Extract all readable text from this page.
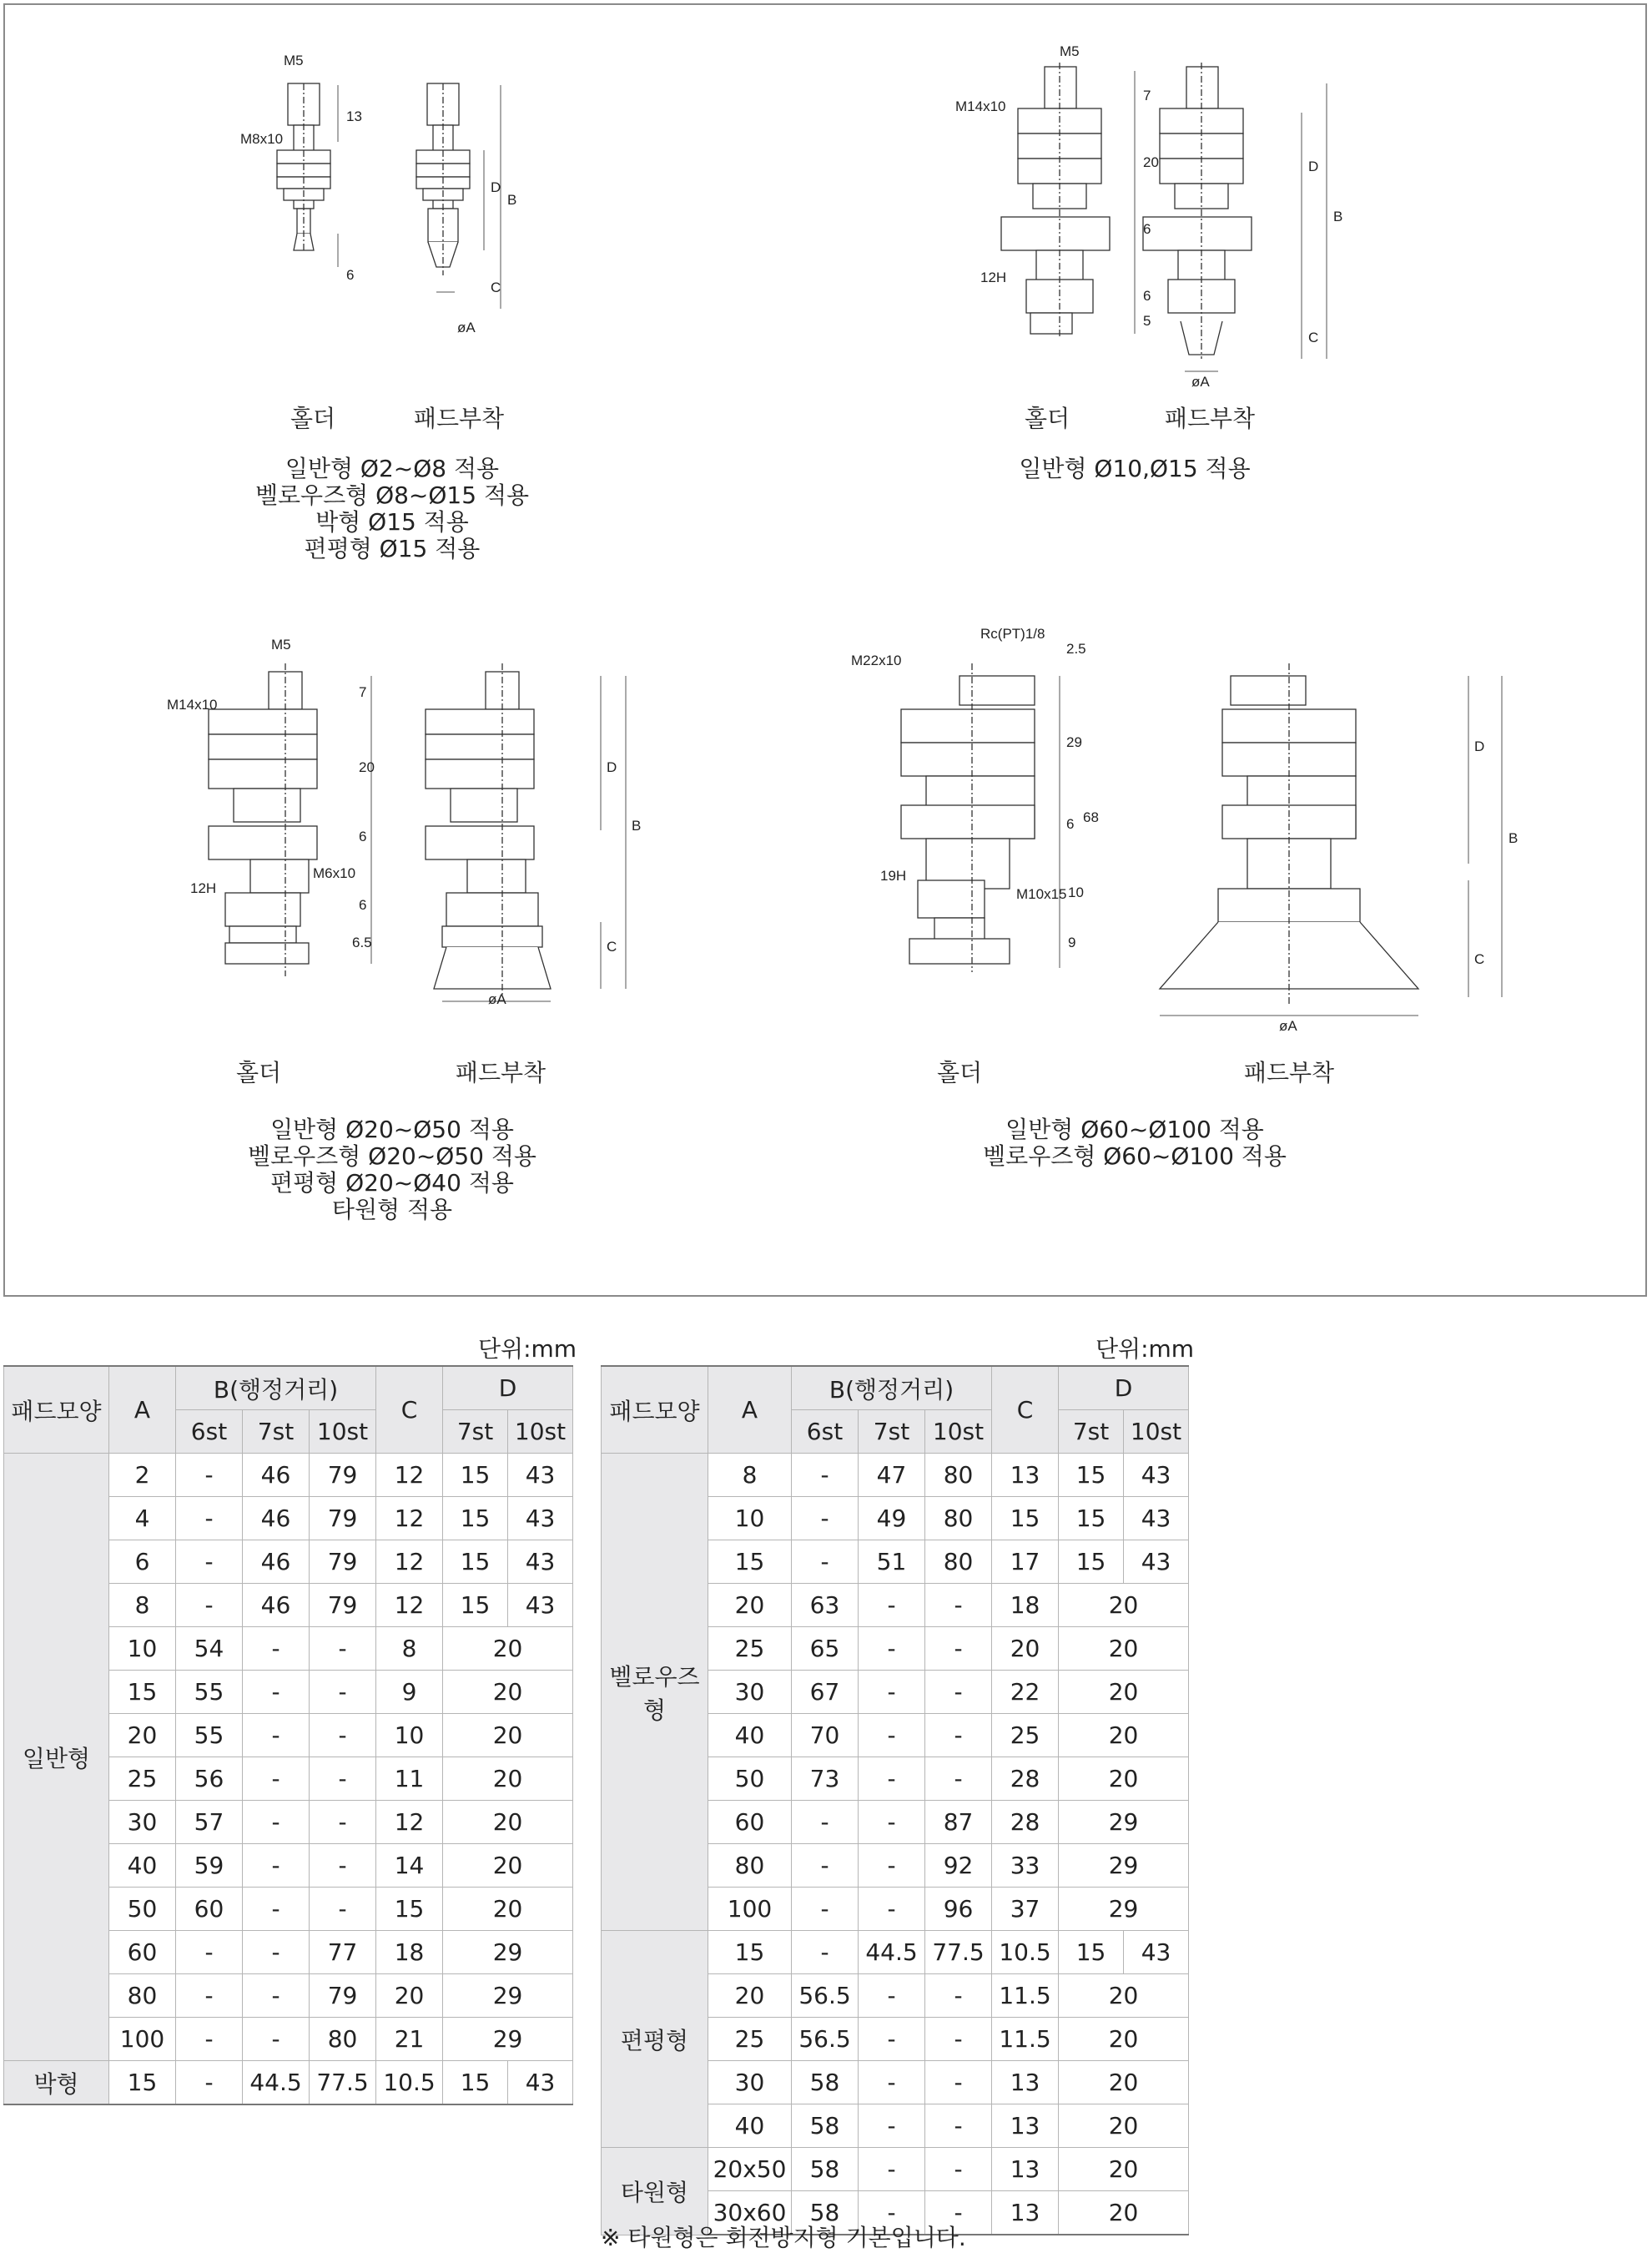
M5
M8x10
13
6
D
B
C
øA
홀더	패드부착
일반형 Ø2~Ø8 적용
벨로우즈형 Ø8~Ø15 적용
박형 Ø15 적용
편평형 Ø15 적용
M5
M14x10
12H
7
20
6
6
5
D
B
C
øA
홀더	패드부착
일반형 Ø10,Ø15 적용
M5
M14x10
12H
M6x10
7
20
6
6
6.5
D
B
C
øA
홀더	패드부착
일반형 Ø20~Ø50 적용
벨로우즈형 Ø20~Ø50 적용
편평형 Ø20~Ø40 적용
타원형 적용
Rc(PT)1/8
M22x10
19H
M10x15
2.5
29
6 68
10
9
D
B
C
øA
홀더	패드부착
일반형 Ø60~Ø100 적용
벨로우즈형 Ø60~Ø100 적용
단위:mm	단위:mm
패드모양	A	B(행정거리)			C	D	
		6st	7st	10st		7st	10st
일반형	2	-	46	79	12	15	43
	4	-	46	79	12	15	43
	6	-	46	79	12	15	43
	8	-	46	79	12	15	43
	10	54	-	-	8	20	
	15	55	-	-	9	20	
	20	55	-	-	10	20	
	25	56	-	-	11	20	
	30	57	-	-	12	20	
	40	59	-	-	14	20	
	50	60	-	-	15	20	
	60	-	-	77	18	29	
	80	-	-	79	20	29	
	100	-	-	80	21	29	
박형	15	-	44.5	77.5	10.5	15	43
패드모양	A	B(행정거리)			C	D	
		6st	7st	10st		7st	10st
벨로우즈형	8	-	47	80	13	15	43
	10	-	49	80	15	15	43
	15	-	51	80	17	15	43
	20	63	-	-	18	20	
	25	65	-	-	20	20	
	30	67	-	-	22	20	
	40	70	-	-	25	20	
	50	73	-	-	28	20	
	60	-	-	87	28	29	
	80	-	-	92	33	29	
	100	-	-	96	37	29	
편평형	15	-	44.5	77.5	10.5	15	43
	20	56.5	-	-	11.5	20	
	25	56.5	-	-	11.5	20	
	30	58	-	-	13	20	
	40	58	-	-	13	20	
타원형	20x50	58	-	-	13	20	
	30x60	58	-	-	13	20	
※ 타원형은 회전방지형 기본입니다.
